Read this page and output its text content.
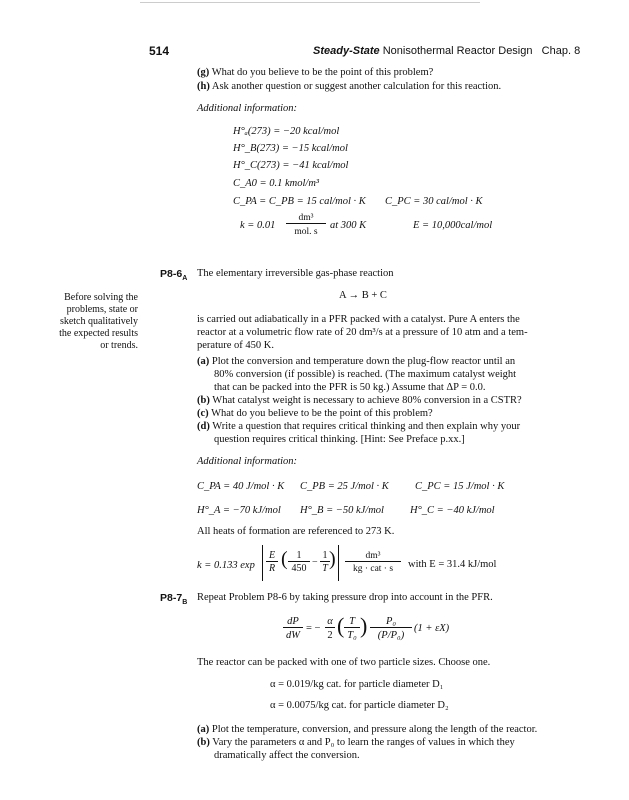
514	Steady-State Nonisothermal Reactor Design Chap. 8
(g) What do you believe to be the point of this problem?
(h) Ask another question or suggest another calculation for this reaction.
Additional information:
H°ₐ(273) = −20 kcal/mol
H°_B(273) = −15 kcal/mol
H°_C(273) = −41 kcal/mol
C_A0 = 0.1 kmol/m³
C_PA = C_PB = 15 cal/mol · K C_PC = 30 cal/mol · K
k = 0.01
dm³
mol. s
at 300 K	E = 10,000cal/mol
$P8-6_A$ The elementary irreversible gas-phase reaction
Before solving the
problems, state or
sketch qualitatively
the expected results
or trends.
A → B + C
is carried out adiabatically in a PFR packed with a catalyst. Pure A enters the
reactor at a volumetric flow rate of 20 dm³/s at a pressure of 10 atm and a tem-
perature of 450 K.
(a) Plot the conversion and temperature down the plug-flow reactor until an
80% conversion (if possible) is reached. (The maximum catalyst weight
that can be packed into the PFR is 50 kg.) Assume that ΔP = 0.0.
(b) What catalyst weight is necessary to achieve 80% conversion in a CSTR?
(c) What do you believe to be the point of this problem?
(d) Write a question that requires critical thinking and then explain why your
question requires critical thinking. [Hint: See Preface p.xx.]
Additional information:
C_PA = 40 J/mol · K C_PB = 25 J/mol · K	C_PC = 15 J/mol · K
H°_A = −70 kJ/mol H°_B = −50 kJ/mol H°_C = −40 kJ/mol
All heats of formation are referenced to 273 K.
k = 0.133 exp
E
R ( 1
450
−
1
T )	dm³
kg · cat · s	with E = 31.4 kJ/mol
$P8-7_B$ Repeat Problem P8-6 by taking pressure drop into account in the PFR.
dP
dW
= −
α
2 ( T
T₀ )	P₀
(P/P₀)
(1 + εX)
The reactor can be packed with one of two particle sizes. Choose one.
α = 0.019/kg cat. for particle diameter D₁
α = 0.0075/kg cat. for particle diameter D₂
(a) Plot the temperature, conversion, and pressure along the length of the reactor.
(b) Vary the parameters α and P₀ to learn the ranges of values in which they
dramatically affect the conversion.
